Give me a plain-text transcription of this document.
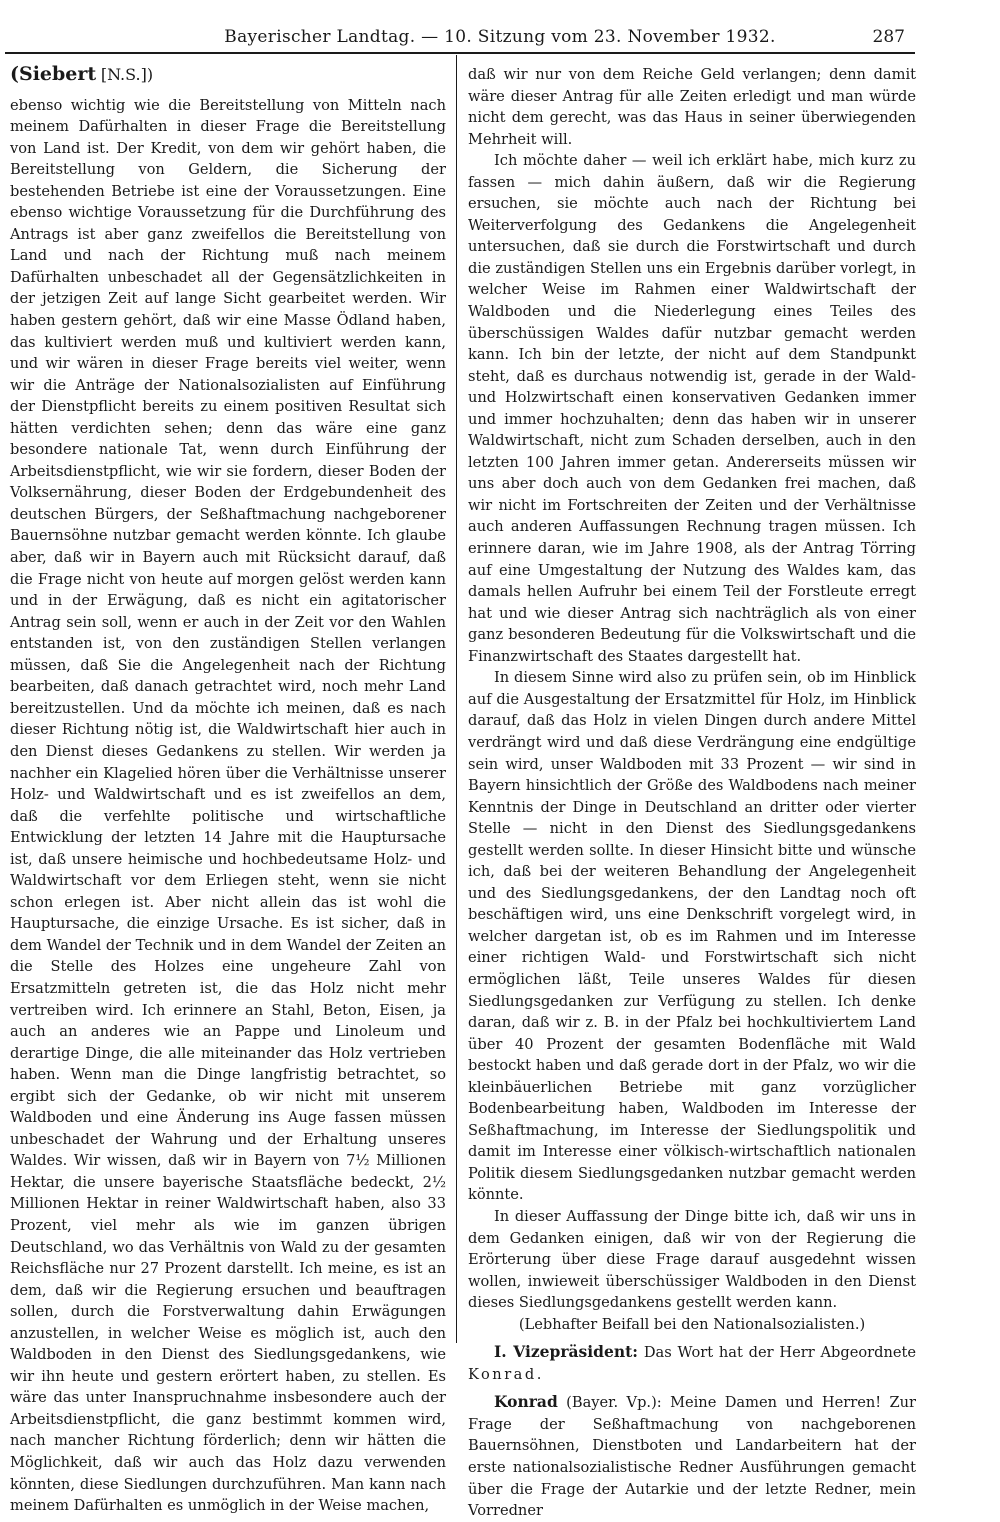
Bayerischer Landtag. — 10. Sitzung vom 23. November 1932.	287

(Siebert [N.S.])

ebenso wichtig wie die Bereitstellung von Mitteln nach meinem Dafürhalten in dieser Frage die Bereitstellung von Land ist. Der Kredit, von dem wir gehört haben, die Bereitstellung von Geldern, die Sicherung der bestehenden Betriebe ist eine der Voraussetzungen. Eine ebenso wichtige Voraussetzung für die Durchführung des Antrags ist aber ganz zweifellos die Bereitstellung von Land und nach der Richtung muß nach meinem Dafürhalten unbeschadet all der Gegensätzlichkeiten in der jetzigen Zeit auf lange Sicht gearbeitet werden. Wir haben gestern gehört, daß wir eine Masse Ödland haben, das kultiviert werden muß und kultiviert werden kann, und wir wären in dieser Frage bereits viel weiter, wenn wir die Anträge der Nationalsozialisten auf Einführung der Dienstpflicht bereits zu einem positiven Resultat sich hätten verdichten sehen; denn das wäre eine ganz besondere nationale Tat, wenn durch Einführung der Arbeitsdienstpflicht, wie wir sie fordern, dieser Boden der Volksernährung, dieser Boden der Erdgebundenheit des deutschen Bürgers, der Seßhaftmachung nachgeborener Bauernsöhne nutzbar gemacht werden könnte. Ich glaube aber, daß wir in Bayern auch mit Rücksicht darauf, daß die Frage nicht von heute auf morgen gelöst werden kann und in der Erwägung, daß es nicht ein agitatorischer Antrag sein soll, wenn er auch in der Zeit vor den Wahlen entstanden ist, von den zuständigen Stellen verlangen müssen, daß Sie die Angelegenheit nach der Richtung bearbeiten, daß danach getrachtet wird, noch mehr Land bereitzustellen. Und da möchte ich meinen, daß es nach dieser Richtung nötig ist, die Waldwirtschaft hier auch in den Dienst dieses Gedankens zu stellen. Wir werden ja nachher ein Klagelied hören über die Verhältnisse unserer Holz- und Waldwirtschaft und es ist zweifellos an dem, daß die verfehlte politische und wirtschaftliche Entwicklung der letzten 14 Jahre mit die Hauptursache ist, daß unsere heimische und hochbedeutsame Holz- und Waldwirtschaft vor dem Erliegen steht, wenn sie nicht schon erlegen ist. Aber nicht allein das ist wohl die Hauptursache, die einzige Ursache. Es ist sicher, daß in dem Wandel der Technik und in dem Wandel der Zeiten an die Stelle des Holzes eine ungeheure Zahl von Ersatzmitteln getreten ist, die das Holz nicht mehr vertreiben wird. Ich erinnere an Stahl, Beton, Eisen, ja auch an anderes wie an Pappe und Linoleum und derartige Dinge, die alle miteinander das Holz vertrieben haben. Wenn man die Dinge langfristig betrachtet, so ergibt sich der Gedanke, ob wir nicht mit unserem Waldboden und eine Änderung ins Auge fassen müssen unbeschadet der Wahrung und der Erhaltung unseres Waldes. Wir wissen, daß wir in Bayern von 7½ Millionen Hektar, die unsere bayerische Staatsfläche bedeckt, 2½ Millionen Hektar in reiner Waldwirtschaft haben, also 33 Prozent, viel mehr als wie im ganzen übrigen Deutschland, wo das Verhältnis von Wald zu der gesamten Reichsfläche nur 27 Prozent darstellt. Ich meine, es ist an dem, daß wir die Regierung ersuchen und beauftragen sollen, durch die Forstverwaltung dahin Erwägungen anzustellen, in welcher Weise es möglich ist, auch den Waldboden in den Dienst des Siedlungsgedankens, wie wir ihn heute und gestern erörtert haben, zu stellen. Es wäre das unter Inanspruchnahme insbesondere auch der Arbeitsdienstpflicht, die ganz bestimmt kommen wird, nach mancher Richtung förderlich; denn wir hätten die Möglichkeit, daß wir auch das Holz dazu verwenden könnten, diese Siedlungen durchzuführen. Man kann nach meinem Dafürhalten es unmöglich in der Weise machen,

daß wir nur von dem Reiche Geld verlangen; denn damit wäre dieser Antrag für alle Zeiten erledigt und man würde nicht dem gerecht, was das Haus in seiner überwiegenden Mehrheit will.

Ich möchte daher — weil ich erklärt habe, mich kurz zu fassen — mich dahin äußern, daß wir die Regierung ersuchen, sie möchte auch nach der Richtung bei Weiterverfolgung des Gedankens die Angelegenheit untersuchen, daß sie durch die Forstwirtschaft und durch die zuständigen Stellen uns ein Ergebnis darüber vorlegt, in welcher Weise im Rahmen einer Waldwirtschaft der Waldboden und die Niederlegung eines Teiles des überschüssigen Waldes dafür nutzbar gemacht werden kann. Ich bin der letzte, der nicht auf dem Standpunkt steht, daß es durchaus notwendig ist, gerade in der Wald- und Holzwirtschaft einen konservativen Gedanken immer und immer hochzuhalten; denn das haben wir in unserer Waldwirtschaft, nicht zum Schaden derselben, auch in den letzten 100 Jahren immer getan. Andererseits müssen wir uns aber doch auch von dem Gedanken frei machen, daß wir nicht im Fortschreiten der Zeiten und der Verhältnisse auch anderen Auffassungen Rechnung tragen müssen. Ich erinnere daran, wie im Jahre 1908, als der Antrag Törring auf eine Umgestaltung der Nutzung des Waldes kam, das damals hellen Aufruhr bei einem Teil der Forstleute erregt hat und wie dieser Antrag sich nachträglich als von einer ganz besonderen Bedeutung für die Volkswirtschaft und die Finanzwirtschaft des Staates dargestellt hat.

In diesem Sinne wird also zu prüfen sein, ob im Hinblick auf die Ausgestaltung der Ersatzmittel für Holz, im Hinblick darauf, daß das Holz in vielen Dingen durch andere Mittel verdrängt wird und daß diese Verdrängung eine endgültige sein wird, unser Waldboden mit 33 Prozent — wir sind in Bayern hinsichtlich der Größe des Waldbodens nach meiner Kenntnis der Dinge in Deutschland an dritter oder vierter Stelle — nicht in den Dienst des Siedlungsgedankens gestellt werden sollte. In dieser Hinsicht bitte und wünsche ich, daß bei der weiteren Behandlung der Angelegenheit und des Siedlungsgedankens, der den Landtag noch oft beschäftigen wird, uns eine Denkschrift vorgelegt wird, in welcher dargetan ist, ob es im Rahmen und im Interesse einer richtigen Wald- und Forstwirtschaft sich nicht ermöglichen läßt, Teile unseres Waldes für diesen Siedlungsgedanken zur Verfügung zu stellen. Ich denke daran, daß wir z. B. in der Pfalz bei hochkultiviertem Land über 40 Prozent der gesamten Bodenfläche mit Wald bestockt haben und daß gerade dort in der Pfalz, wo wir die kleinbäuerlichen Betriebe mit ganz vorzüglicher Bodenbearbeitung haben, Waldboden im Interesse der Seßhaftmachung, im Interesse der Siedlungspolitik und damit im Interesse einer völkisch-wirtschaftlich nationalen Politik diesem Siedlungsgedanken nutzbar gemacht werden könnte.

In dieser Auffassung der Dinge bitte ich, daß wir uns in dem Gedanken einigen, daß wir von der Regierung die Erörterung über diese Frage darauf ausgedehnt wissen wollen, inwieweit überschüssiger Waldboden in den Dienst dieses Siedlungsgedankens gestellt werden kann.

(Lebhafter Beifall bei den Nationalsozialisten.)

I. Vizepräsident: Das Wort hat der Herr Abgeordnete Konrad.

Konrad (Bayer. Vp.): Meine Damen und Herren! Zur Frage der Seßhaftmachung von nachgeborenen Bauernsöhnen, Dienstboten und Landarbeitern hat der erste nationalsozialistische Redner Ausführungen gemacht über die Frage der Autarkie und der letzte Redner, mein Vorredner
